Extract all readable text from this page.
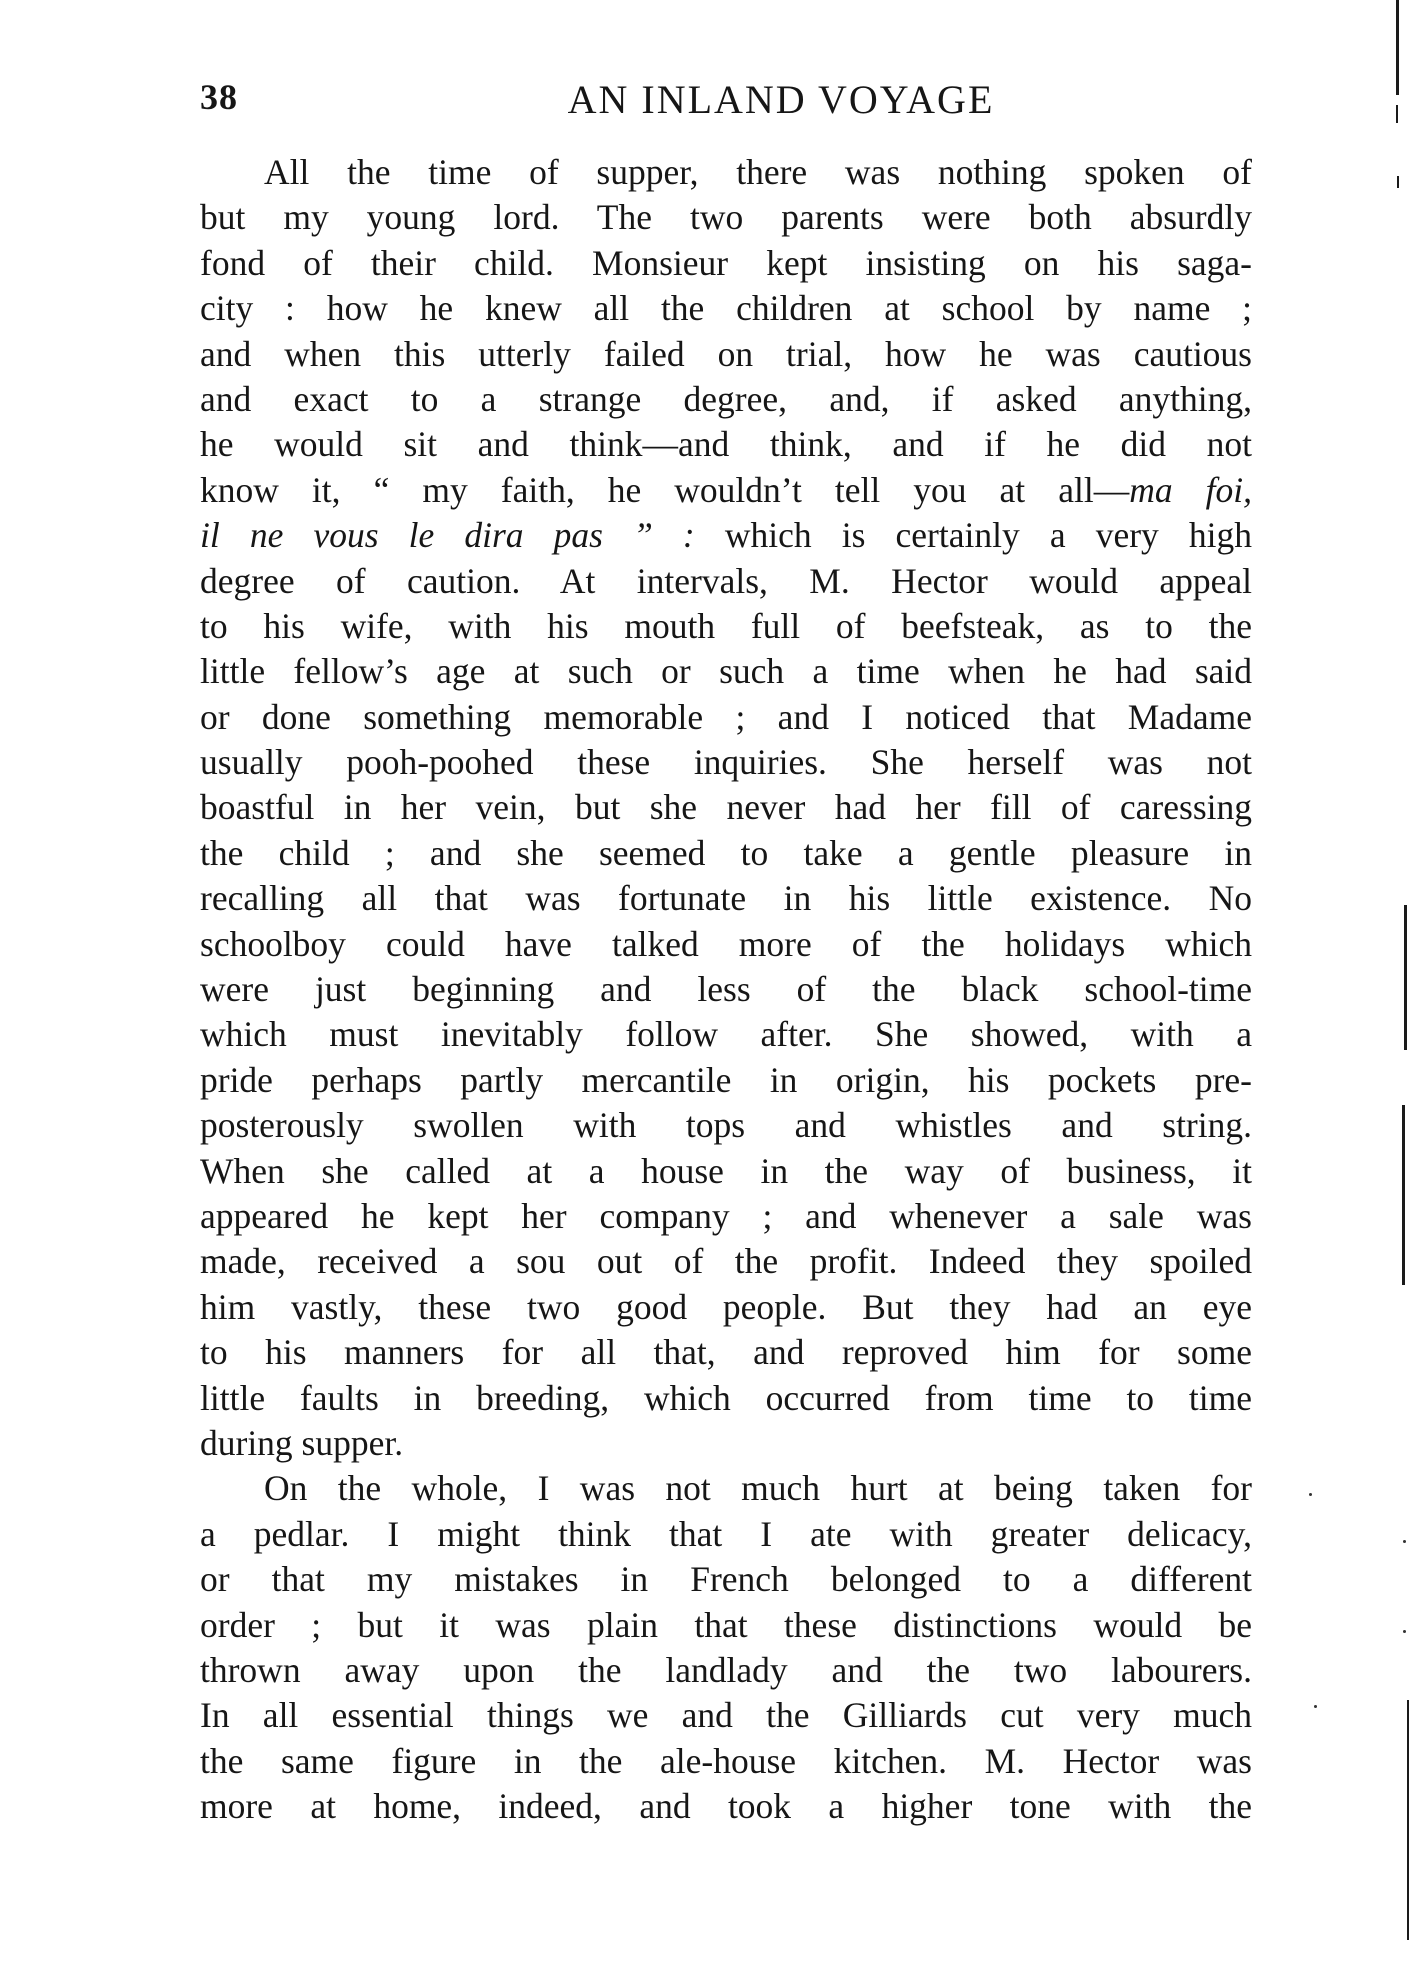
38	AN INLAND VOYAGE
All the time of supper, there was nothing spoken of
but my young lord. The two parents were both absurdly
fond of their child. Monsieur kept insisting on his saga-
city : how he knew all the children at school by name ;
and when this utterly failed on trial, how he was cautious
and exact to a strange degree, and, if asked anything,
he would sit and think—and think, and if he did not
know it, “ my faith, he wouldn’t tell you at all—ma foi,
il ne vous le dira pas ” : which is certainly a very high
degree of caution. At intervals, M. Hector would appeal
to his wife, with his mouth full of beefsteak, as to the
little fellow’s age at such or such a time when he had said
or done something memorable ; and I noticed that Madame
usually pooh-poohed these inquiries. She herself was not
boastful in her vein, but she never had her fill of caressing
the child ; and she seemed to take a gentle pleasure in
recalling all that was fortunate in his little existence. No
schoolboy could have talked more of the holidays which
were just beginning and less of the black school-time
which must inevitably follow after. She showed, with a
pride perhaps partly mercantile in origin, his pockets pre-
posterously swollen with tops and whistles and string.
When she called at a house in the way of business, it
appeared he kept her company ; and whenever a sale was
made, received a sou out of the profit. Indeed they spoiled
him vastly, these two good people. But they had an eye
to his manners for all that, and reproved him for some
little faults in breeding, which occurred from time to time
during supper.
On the whole, I was not much hurt at being taken for
a pedlar. I might think that I ate with greater delicacy,
or that my mistakes in French belonged to a different
order ; but it was plain that these distinctions would be
thrown away upon the landlady and the two labourers.
In all essential things we and the Gilliards cut very much
the same figure in the ale-house kitchen. M. Hector was
more at home, indeed, and took a higher tone with the
